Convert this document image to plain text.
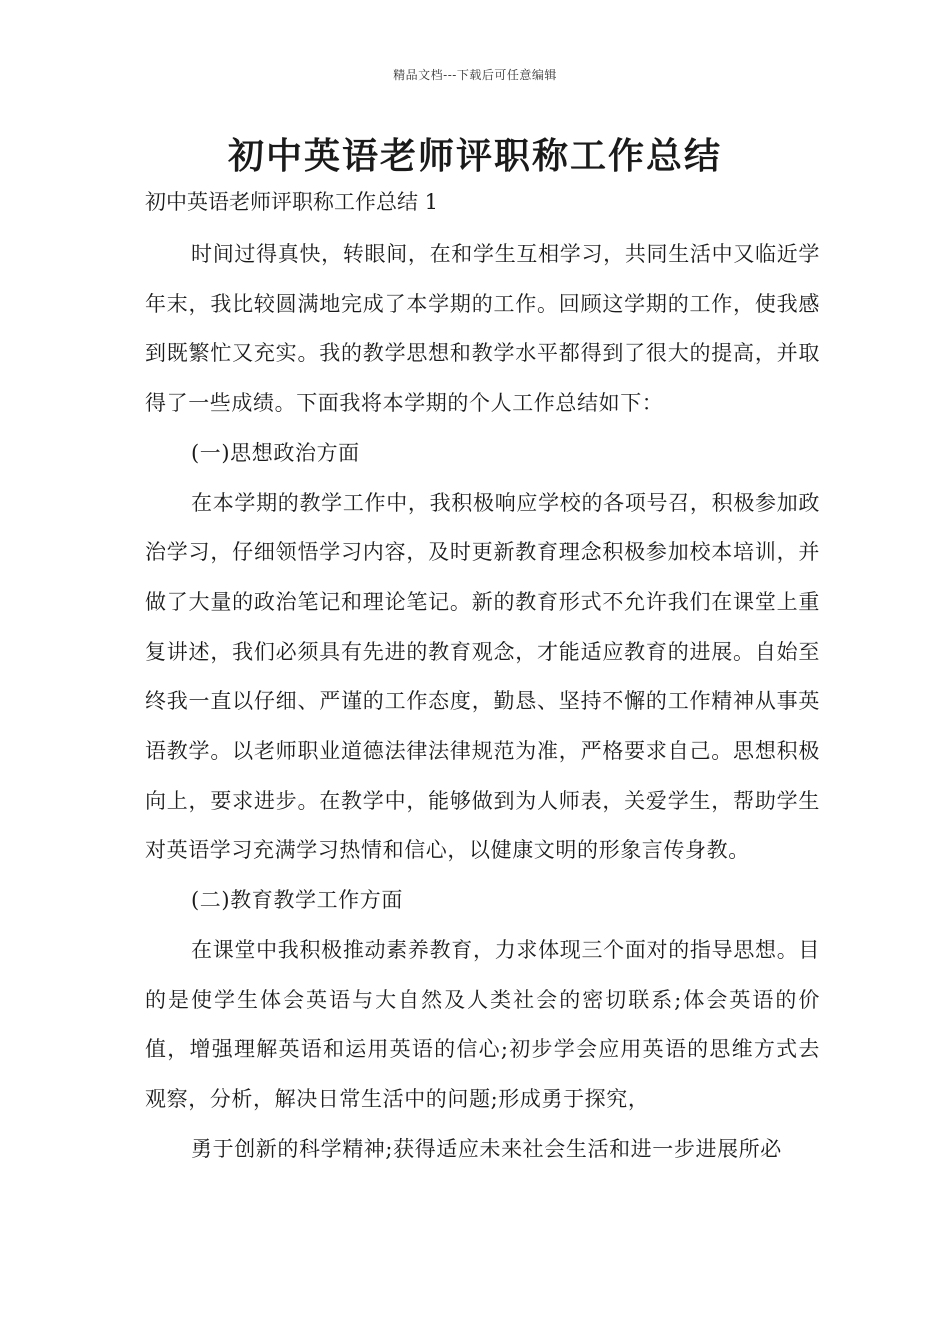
精品文档---下载后可任意编辑
初中英语老师评职称工作总结

初中英语老师评职称工作总结 1

时间过得真快，转眼间，在和学生互相学习，共同生活中又临近学年末，我比较圆满地完成了本学期的工作。回顾这学期的工作，使我感到既繁忙又充实。我的教学思想和教学水平都得到了很大的提高，并取得了一些成绩。下面我将本学期的个人工作总结如下：

(一)思想政治方面

在本学期的教学工作中，我积极响应学校的各项号召，积极参加政治学习，仔细领悟学习内容，及时更新教育理念积极参加校本培训，并做了大量的政治笔记和理论笔记。新的教育形式不允许我们在课堂上重复讲述，我们必须具有先进的教育观念，才能适应教育的进展。自始至终我一直以仔细、严谨的工作态度，勤恳、坚持不懈的工作精神从事英语教学。以老师职业道德法律法律规范为准，严格要求自己。思想积极向上，要求进步。在教学中，能够做到为人师表，关爱学生，帮助学生对英语学习充满学习热情和信心，以健康文明的形象言传身教。

(二)教育教学工作方面

在课堂中我积极推动素养教育，力求体现三个面对的指导思想。目的是使学生体会英语与大自然及人类社会的密切联系;体会英语的价值，增强理解英语和运用英语的信心;初步学会应用英语的思维方式去观察，分析，解决日常生活中的问题;形成勇于探究，

勇于创新的科学精神;获得适应未来社会生活和进一步进展所必
